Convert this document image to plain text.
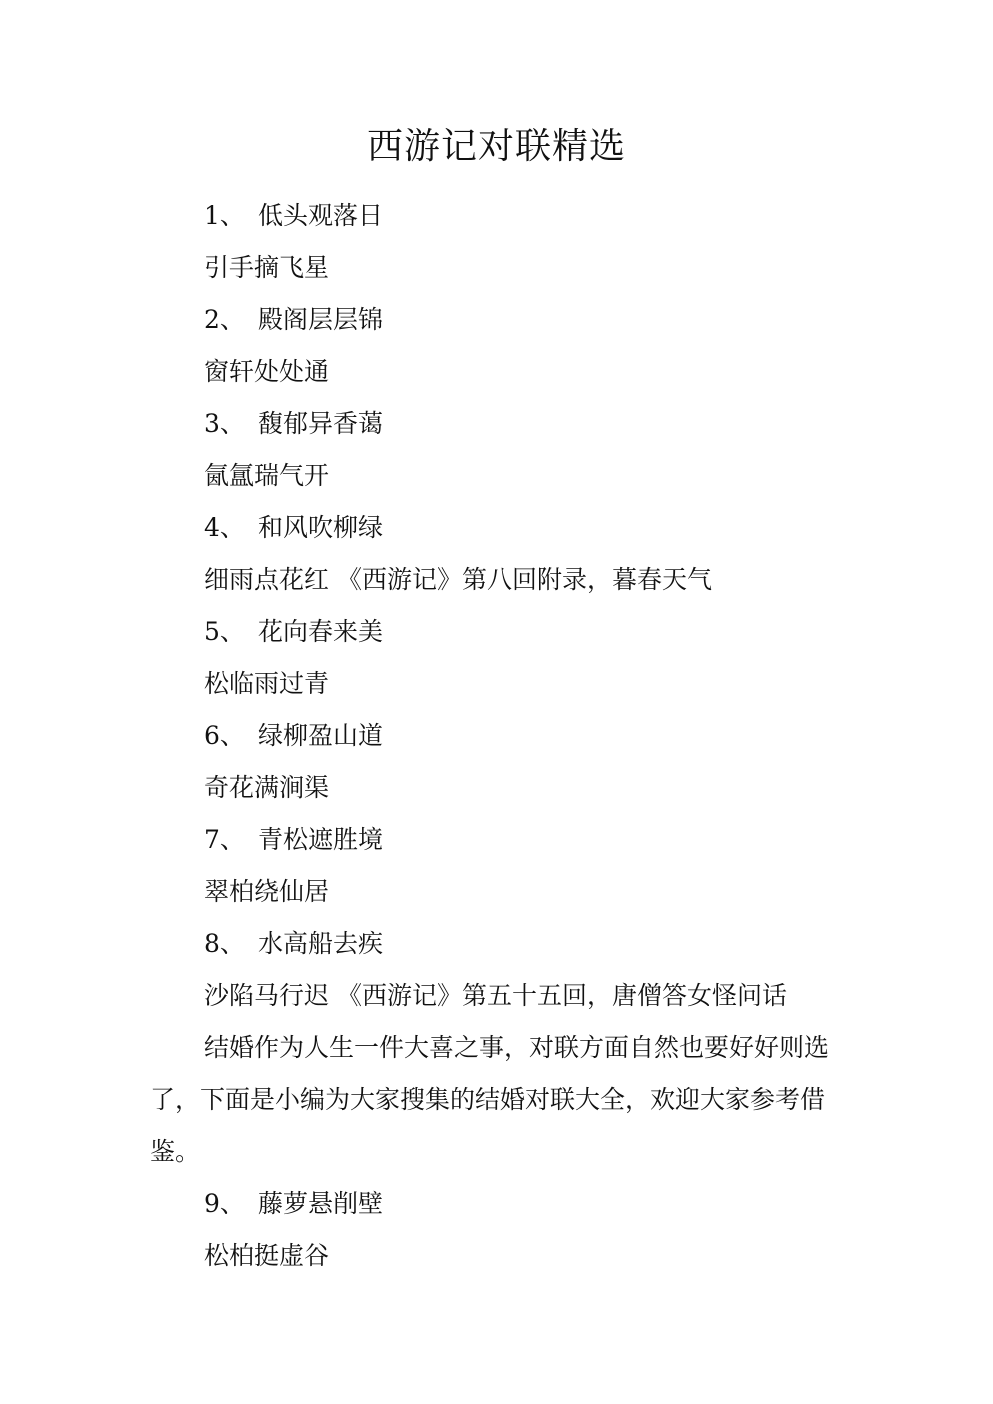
西游记对联精选
1、 低头观落日
引手摘飞星
2、 殿阁层层锦
窗轩处处通
3、 馥郁异香蔼
氤氲瑞气开
4、 和风吹柳绿
细雨点花红 《西游记》第八回附录，暮春天气
5、 花向春来美
松临雨过青
6、 绿柳盈山道
奇花满涧渠
7、 青松遮胜境
翠柏绕仙居
8、 水高船去疾
沙陷马行迟 《西游记》第五十五回，唐僧答女怪问话

结婚作为人生一件大喜之事，对联方面自然也要好好则选了，下面是小编为大家搜集的结婚对联大全，欢迎大家参考借鉴。

9、 藤萝悬削壁
松柏挺虚谷
